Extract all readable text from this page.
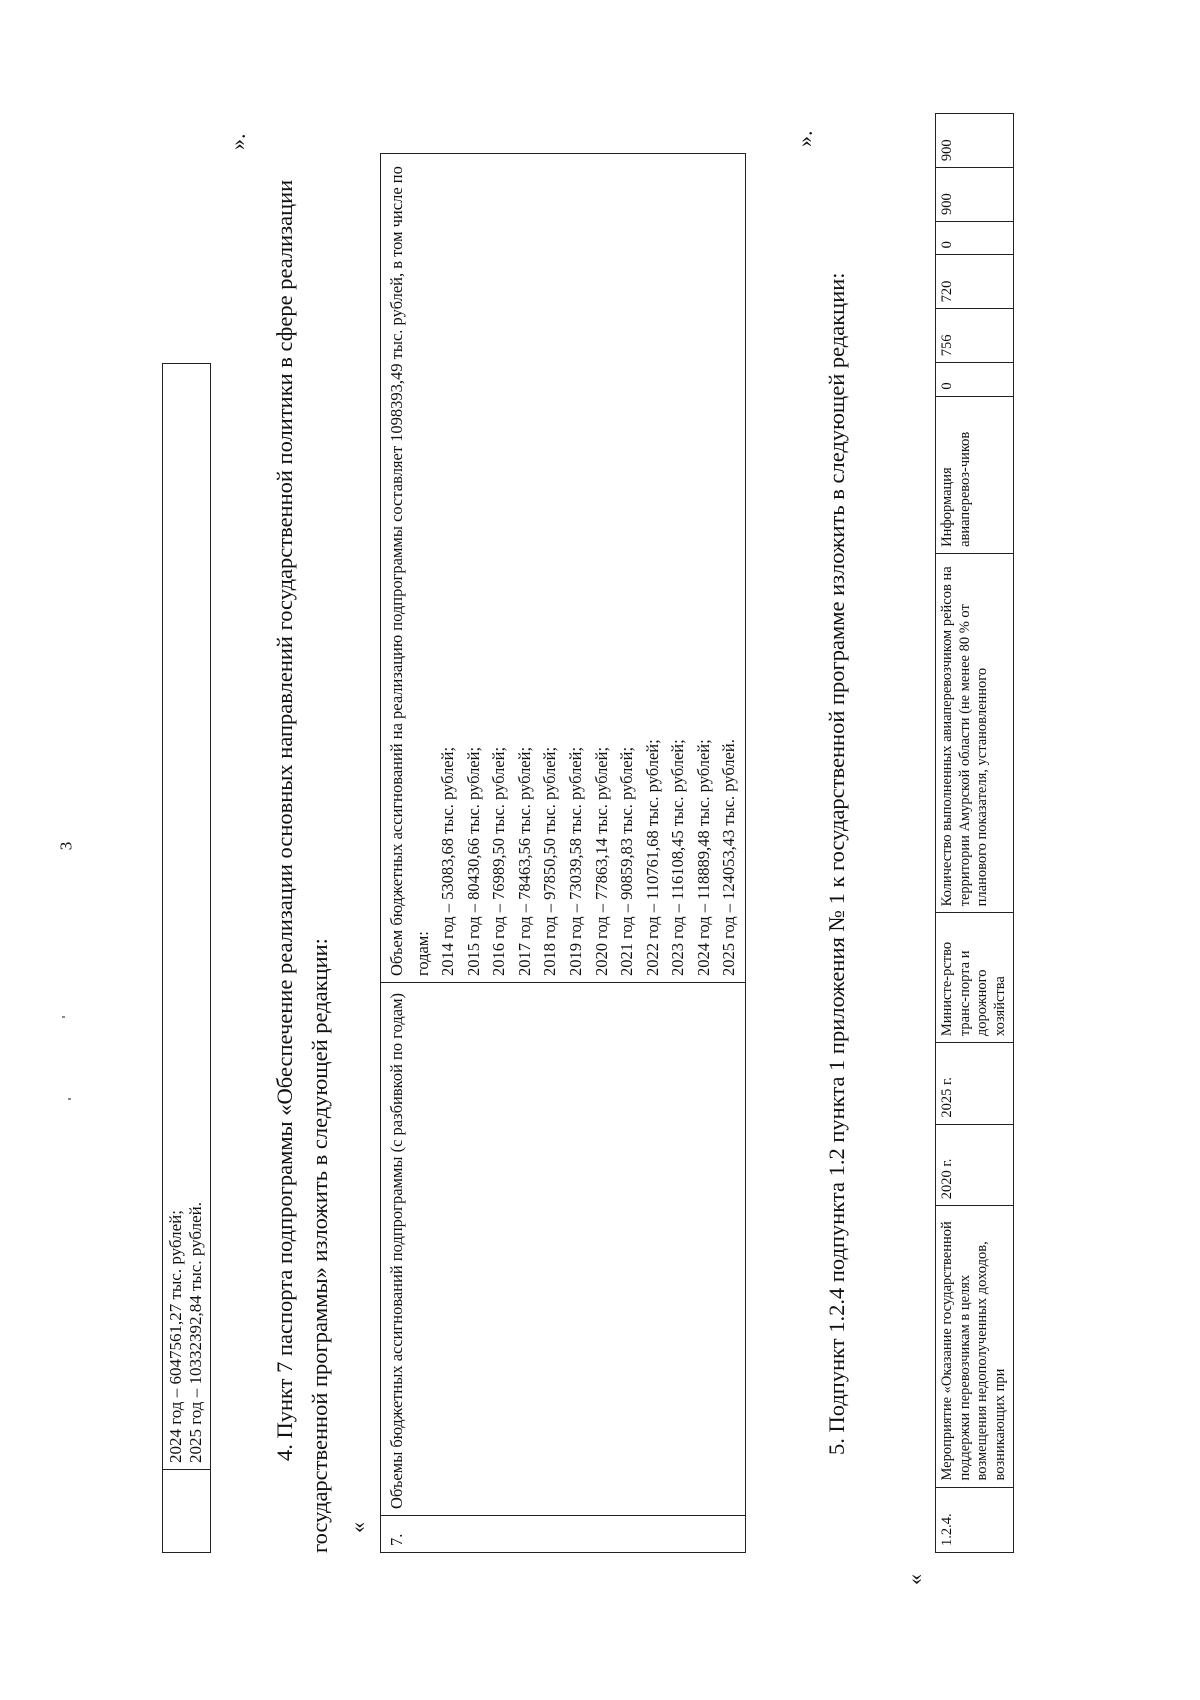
3

2024 год – 6047561,27 тыс. рублей; 2025 год – 10332392,84 тыс. рублей.
».
4. Пункт 7 паспорта подпрограммы «Обеспечение реализации основных направлений государственной политики в сфере реализации государственной программы» изложить в следующей редакции: «
7.	Объемы бюджетных ассигнований подпрограммы (с разбивкой по годам)	
Объем бюджетных ассигнований на реализацию подпрограммы составляет 1098393,49 тыс. рублей, в том числе по годам: 2014 год – 53083,68 тыс. рублей; 2015 год – 80430,66 тыс. рублей; 2016 год – 76989,50 тыс. рублей; 2017 год – 78463,56 тыс. рублей; 2018 год – 97850,50 тыс. рублей; 2019 год – 73039,58 тыс. рублей; 2020 год – 77863,14 тыс. рублей; 2021 год – 90859,83 тыс. рублей; 2022 год – 110761,68 тыс. рублей; 2023 год – 116108,45 тыс. рублей; 2024 год – 118889,48 тыс. рублей; 2025 год – 124053,43 тыс. рублей.
».
5. Подпункт 1.2.4 подпункта 1.2 пункта 1 приложения № 1 к государственной программе изложить в следующей редакции:
«
1.2.4.	Мероприятие «Оказание государственной поддержки перевозчикам в целях возмещения недополученных доходов, возникающих при	2020 г.	2025 г.	Министе-рство транс-порта и дорожного хозяйства	Количество выполненных авиаперевозчиком рейсов на территории Амурской области (не менее 80 % от планового показателя, установленного	Информация авиаперевоз-чиков	0	756	720	0	900	900
